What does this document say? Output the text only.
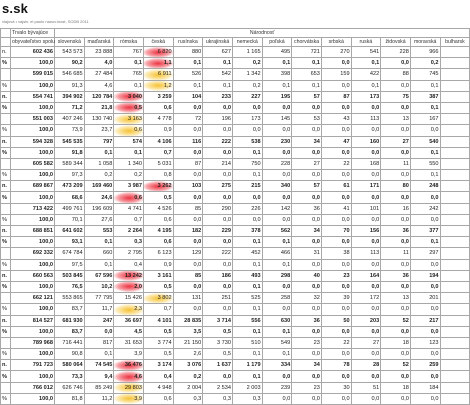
s.sk
vlajová • vajstv. el paulo nanov.inost, SODB 2011
	Trvalo bývajúce	Národnosť													
	obyvateľstvo spolu	slovenská	maďarská	rómska	česká	rusínska	ukrajinská	nemecká	poľská	chorvátska	srbská	ruská	židovská	moravská	bulharsk
n.	602 436	543 573	23 888	767	6 820	880	627	1 165	495	721	270	541	228	966	
%	100,0	90,2	4,0	0,1	1,1	0,1	0,1	0,2	0,1	0,1	0,0	0,1	0,0	0,2	
	599 015	546 685	27 484	765	6 911	526	542	1 342	398	653	159	422	88	745	
%	100,0	91,3	4,6	0,1	1,2	0,1	0,1	0,2	0,1	0,1	0,0	0,1	0,0	0,1	
n.	554 741	394 902	120 784	3 040	3 259	104	233	227	195	57	87	173	75	387	
%	100,0	71,2	21,8	0,5	0,6	0,0	0,0	0,0	0,0	0,0	0,0	0,0	0,0	0,1	
	551 003	407 246	130 740	3 163	4 778	72	196	173	145	53	43	113	13	167	
%	100,0	73,9	23,7	0,6	0,9	0,0	0,0	0,0	0,0	0,0	0,0	0,0	0,0	0,0	
n.	594 328	545 535	797	574	4 106	116	222	538	230	34	47	160	27	540	
%	100,0	91,8	0,1	0,1	0,7	0,0	0,0	0,1	0,0	0,0	0,0	0,0	0,0	0,1	
	605 582	589 344	1 058	1 340	5 031	87	214	750	228	27	22	168	11	550	
%	100,0	97,3	0,2	0,2	0,8	0,0	0,0	0,1	0,0	0,0	0,0	0,0	0,0	0,1	
n.	689 867	473 209	169 460	3 987	3 262	103	275	215	340	57	61	171	80	248	
%	100,0	68,6	24,6	0,6	0,5	0,0	0,0	0,0	0,0	0,0	0,0	0,0	0,0	0,0	
	713 422	499 761	196 609	4 741	4 526	85	290	226	142	36	41	101	16	242	
%	100,0	70,1	27,6	0,7	0,6	0,0	0,0	0,0	0,0	0,0	0,0	0,0	0,0	0,0	
n.	688 851	641 602	553	2 264	4 195	182	229	378	562	34	70	156	36	377	
%	100,0	93,1	0,1	0,3	0,6	0,0	0,0	0,1	0,1	0,0	0,0	0,0	0,0	0,1	
	692 332	674 784	660	2 795	6 123	129	222	452	466	31	38	113	11	297	
%	100,0	97,5	0,1	0,4	0,9	0,0	0,0	0,1	0,1	0,0	0,0	0,0	0,0	0,0	
n.	660 563	503 845	67 596	13 242	3 161	85	186	493	298	40	23	164	36	194	
%	100,0	76,5	10,2	2,0	0,5	0,0	0,0	0,1	0,0	0,0	0,0	0,0	0,0	0,0	
	662 121	553 865	77 795	15 426	3 802	131	251	525	258	32	39	172	13	201	
%	100,0	83,7	11,7	2,3	0,7	0,0	0,0	0,1	0,0	0,0	0,0	0,0	0,0	0,0	
n.	814 527	681 930	247	36 697	4 101	28 835	3 714	556	630	36	50	203	52	217	
%	100,0	83,7	0,0	4,5	0,5	3,5	0,5	0,1	0,1	0,0	0,0	0,0	0,0	0,0	
	789 968	716 441	817	31 653	3 774	21 150	3 730	510	549	23	22	27	18	123	
%	100,0	90,8	0,1	3,9	0,5	2,6	0,5	0,1	0,1	0,0	0,0	0,0	0,0	0,0	
n.	791 723	580 064	74 545	36 476	3 174	3 076	1 637	1 179	334	34	78	28	52	259	
%	100,0	73,3	9,4	4,6	0,4	0,2	0,0	0,1	0,0	0,0	0,0	0,0	0,0	0,0	
	766 012	626 746	85 249	29 803	4 948	2 004	2 534	2 003	239	23	30	51	18	184	
%	100,0	81,8	11,2	3,9	0,6	0,3	0,3	0,3	0,0	0,0	0,0	0,0	0,0	0,0	
